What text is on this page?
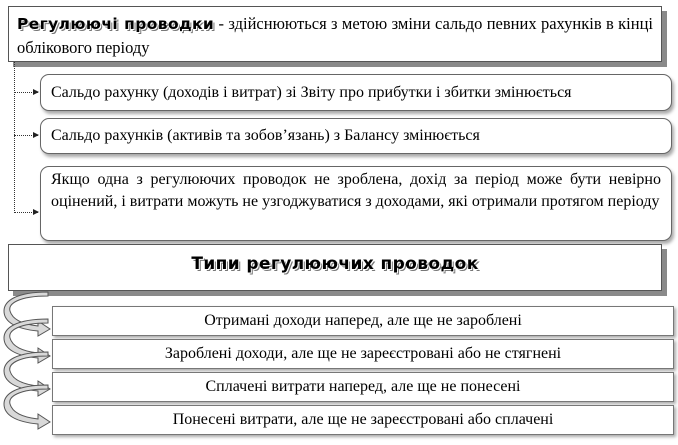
Регулюючі проводки - здійснюються з метою зміни сальдо певних рахунків в кінці облікового періоду
Сальдо рахунку (доходів і витрат) зі Звіту про прибутки і збитки змінюється
Сальдо рахунків (активів та зобов’язань) з Балансу змінюється
Якщо одна з регулюючих проводок не зроблена, дохід за період може бути невірно оцінений, і витрати можуть не узгоджуватися з доходами, які отримали протягом періоду
Типи регулюючих проводок
Отримані доходи наперед, але ще не зароблені
Зароблені доходи, але ще не зареєстровані або не стягнені
Сплачені витрати наперед, але ще не понесені
Понесені витрати, але ще не зареєстровані або сплачені
